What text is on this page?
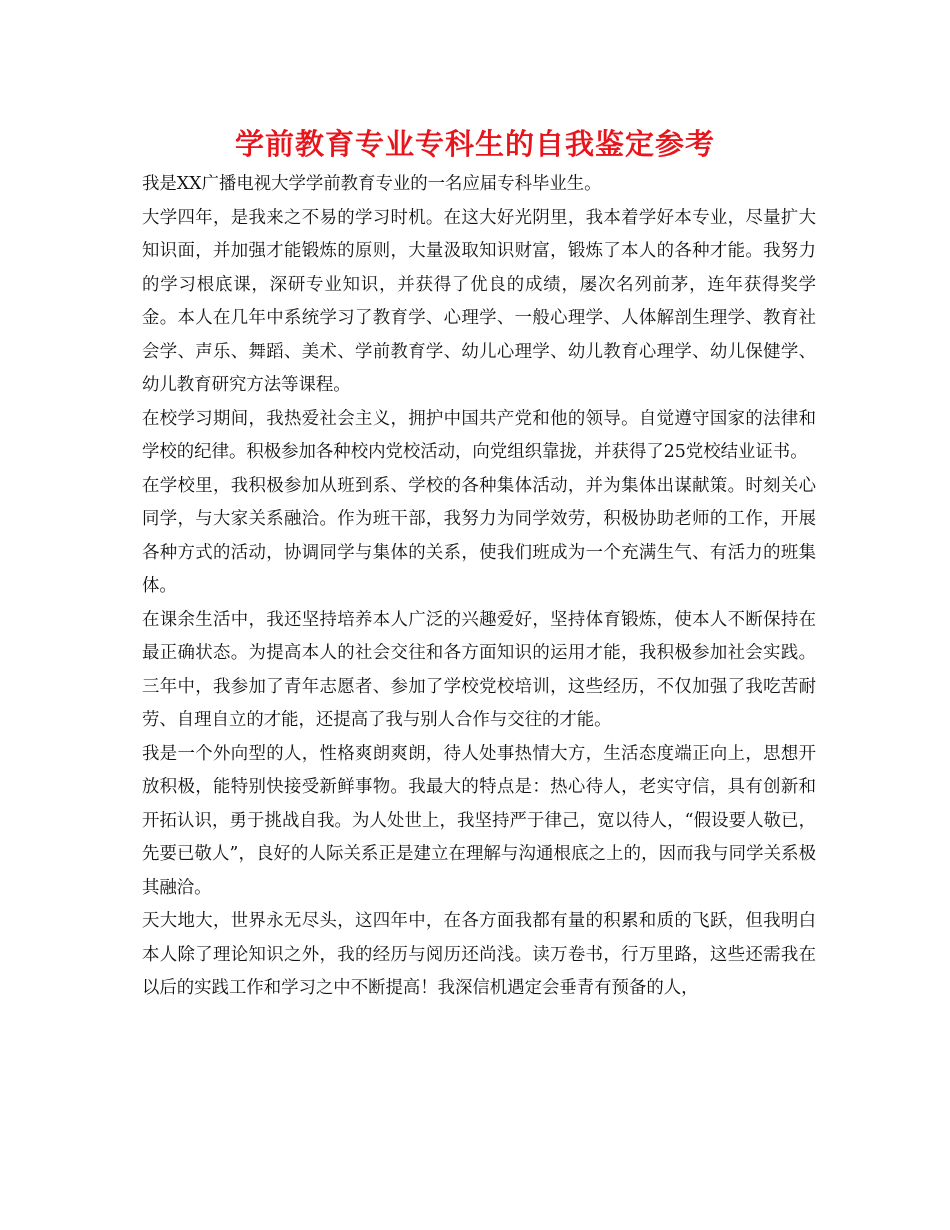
学前教育专业专科生的自我鉴定参考

我是XX广播电视大学学前教育专业的一名应届专科毕业生。

大学四年，是我来之不易的学习时机。在这大好光阴里，我本着学好本专业，尽量扩大知识面，并加强才能锻炼的原则，大量汲取知识财富，锻炼了本人的各种才能。我努力的学习根底课，深研专业知识，并获得了优良的成绩，屡次名列前茅，连年获得奖学金。本人在几年中系统学习了教育学、心理学、一般心理学、人体解剖生理学、教育社会学、声乐、舞蹈、美术、学前教育学、幼儿心理学、幼儿教育心理学、幼儿保健学、幼儿教育研究方法等课程。

在校学习期间，我热爱社会主义，拥护中国共产党和他的领导。自觉遵守国家的法律和学校的纪律。积极参加各种校内党校活动，向党组织靠拢，并获得了25党校结业证书。

在学校里，我积极参加从班到系、学校的各种集体活动，并为集体出谋献策。时刻关心同学，与大家关系融洽。作为班干部，我努力为同学效劳，积极协助老师的工作，开展各种方式的活动，协调同学与集体的关系，使我们班成为一个充满生气、有活力的班集体。

在课余生活中，我还坚持培养本人广泛的兴趣爱好，坚持体育锻炼，使本人不断保持在最正确状态。为提高本人的社会交往和各方面知识的运用才能，我积极参加社会实践。三年中，我参加了青年志愿者、参加了学校党校培训，这些经历，不仅加强了我吃苦耐劳、自理自立的才能，还提高了我与别人合作与交往的才能。

我是一个外向型的人，性格爽朗爽朗，待人处事热情大方，生活态度端正向上，思想开放积极，能特别快接受新鲜事物。我最大的特点是：热心待人，老实守信，具有创新和开拓认识，勇于挑战自我。为人处世上，我坚持严于律己，宽以待人，“假设要人敬已，先要已敬人”，良好的人际关系正是建立在理解与沟通根底之上的，因而我与同学关系极其融洽。

天大地大，世界永无尽头，这四年中，在各方面我都有量的积累和质的飞跃，但我明白本人除了理论知识之外，我的经历与阅历还尚浅。读万卷书，行万里路，这些还需我在以后的实践工作和学习之中不断提高！我深信机遇定会垂青有预备的人，
